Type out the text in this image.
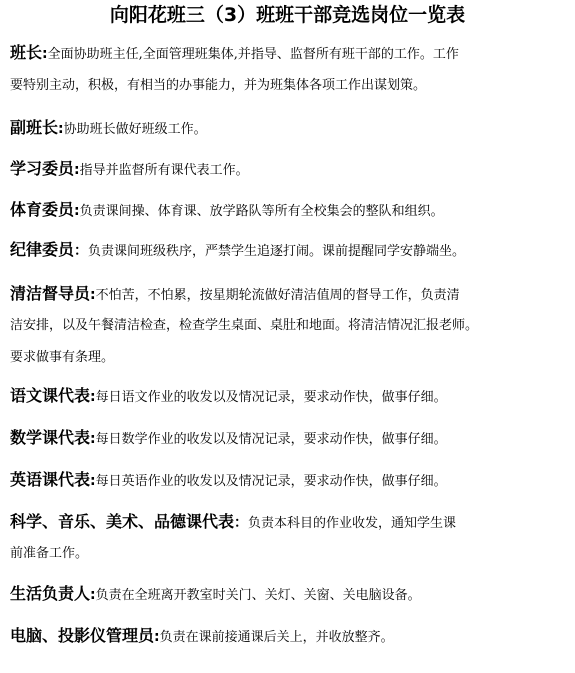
向阳花班三（3）班班干部竞选岗位一览表
班长:全面协助班主任,全面管理班集体,并指导、监督所有班干部的工作。工作
要特别主动，积极，有相当的办事能力，并为班集体各项工作出谋划策。
副班长:协助班长做好班级工作。
学习委员:指导并监督所有课代表工作。
体育委员:负责课间操、体育课、放学路队等所有全校集会的整队和组织。
纪律委员：负责课间班级秩序，严禁学生追逐打闹。课前提醒同学安静端坐。
清洁督导员:不怕苦，不怕累，按星期轮流做好清洁值周的督导工作，负责清
洁安排，以及午餐清洁检查，检查学生桌面、桌肚和地面。将清洁情况汇报老师。
要求做事有条理。
语文课代表:每日语文作业的收发以及情况记录，要求动作快，做事仔细。
数学课代表:每日数学作业的收发以及情况记录，要求动作快，做事仔细。
英语课代表:每日英语作业的收发以及情况记录，要求动作快，做事仔细。
科学、音乐、美术、品德课代表：负责本科目的作业收发，通知学生课
前准备工作。
生活负责人:负责在全班离开教室时关门、关灯、关窗、关电脑设备。
电脑、投影仪管理员:负责在课前接通课后关上，并收放整齐。
